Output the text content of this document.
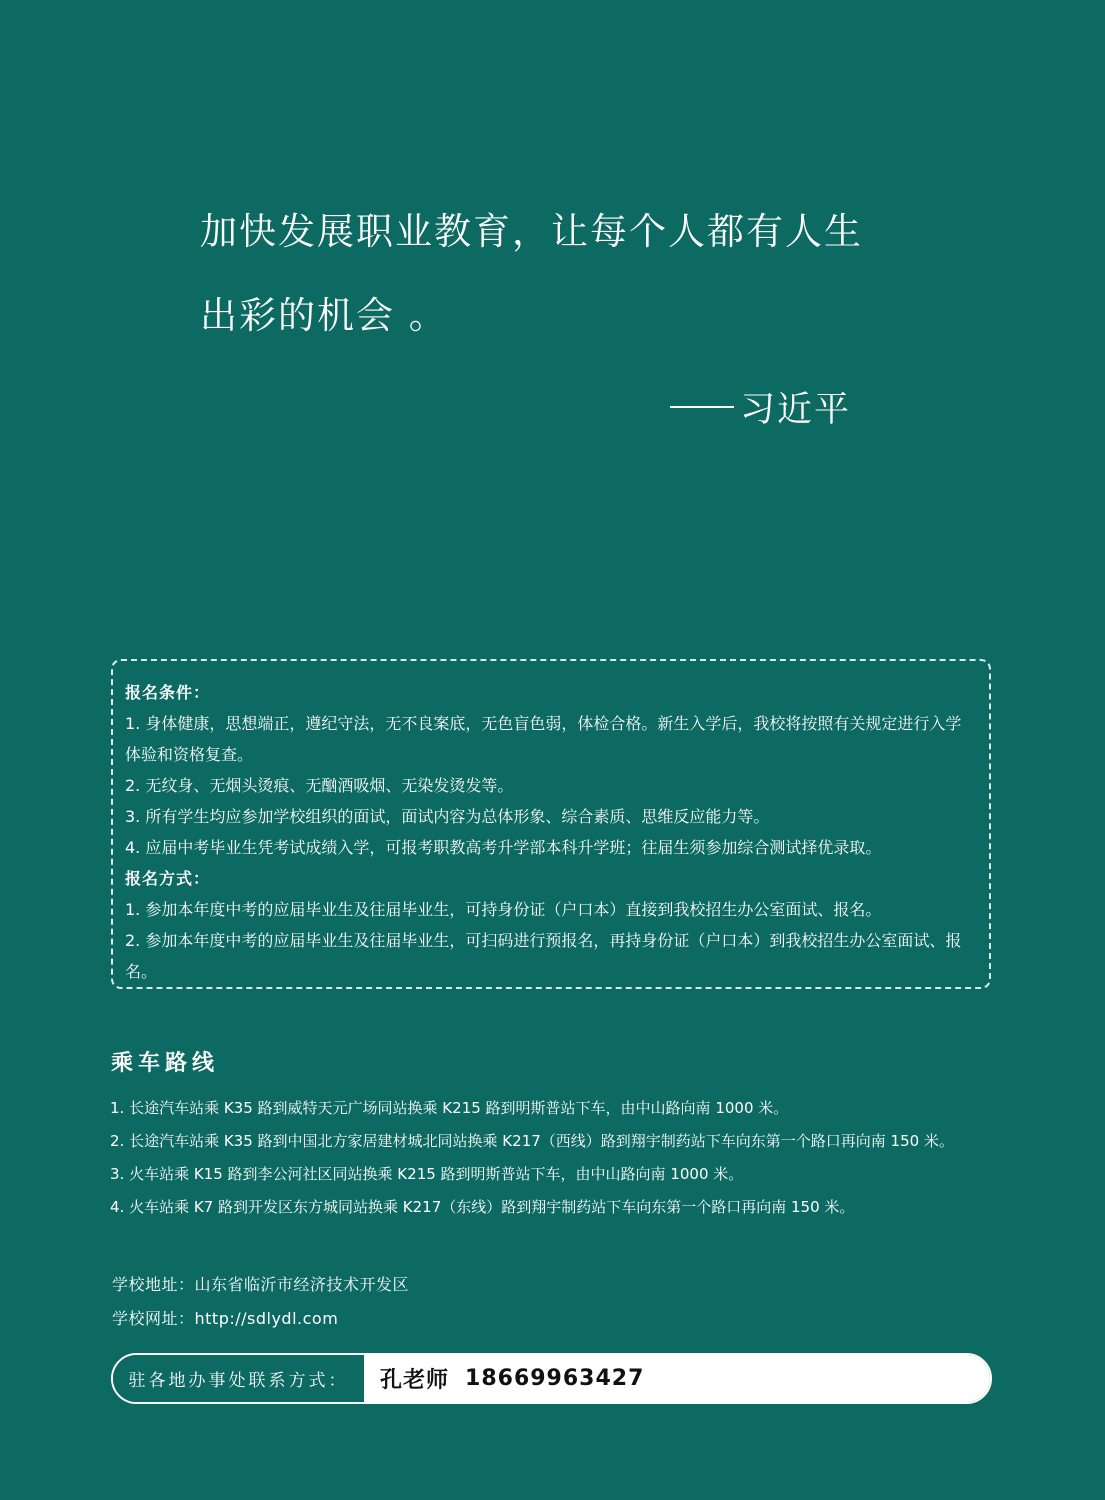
加快发展职业教育，让每个人都有人生
出彩的机会 。
习近平
报名条件：

1. 身体健康，思想端正，遵纪守法，无不良案底，无色盲色弱，体检合格。新生入学后，我校将按照有关规定进行入学体验和资格复查。

2. 无纹身、无烟头烫痕、无酗酒吸烟、无染发烫发等。

3. 所有学生均应参加学校组织的面试，面试内容为总体形象、综合素质、思维反应能力等。

4. 应届中考毕业生凭考试成绩入学，可报考职教高考升学部本科升学班；往届生须参加综合测试择优录取。

报名方式：

1. 参加本年度中考的应届毕业生及往届毕业生，可持身份证（户口本）直接到我校招生办公室面试、报名。

2. 参加本年度中考的应届毕业生及往届毕业生，可扫码进行预报名，再持身份证（户口本）到我校招生办公室面试、报名。

乘车路线
1. 长途汽车站乘 K35 路到威特天元广场同站换乘 K215 路到明斯普站下车，由中山路向南 1000 米。
2. 长途汽车站乘 K35 路到中国北方家居建材城北同站换乘 K217（西线）路到翔宇制药站下车向东第一个路口再向南 150 米。
3. 火车站乘 K15 路到李公河社区同站换乘 K215 路到明斯普站下车，由中山路向南 1000 米。
4. 火车站乘 K7 路到开发区东方城同站换乘 K217（东线）路到翔宇制药站下车向东第一个路口再向南 150 米。
学校地址：山东省临沂市经济技术开发区
学校网址：http://sdlydl.com
驻各地办事处联系方式：	孔老师 18669963427
